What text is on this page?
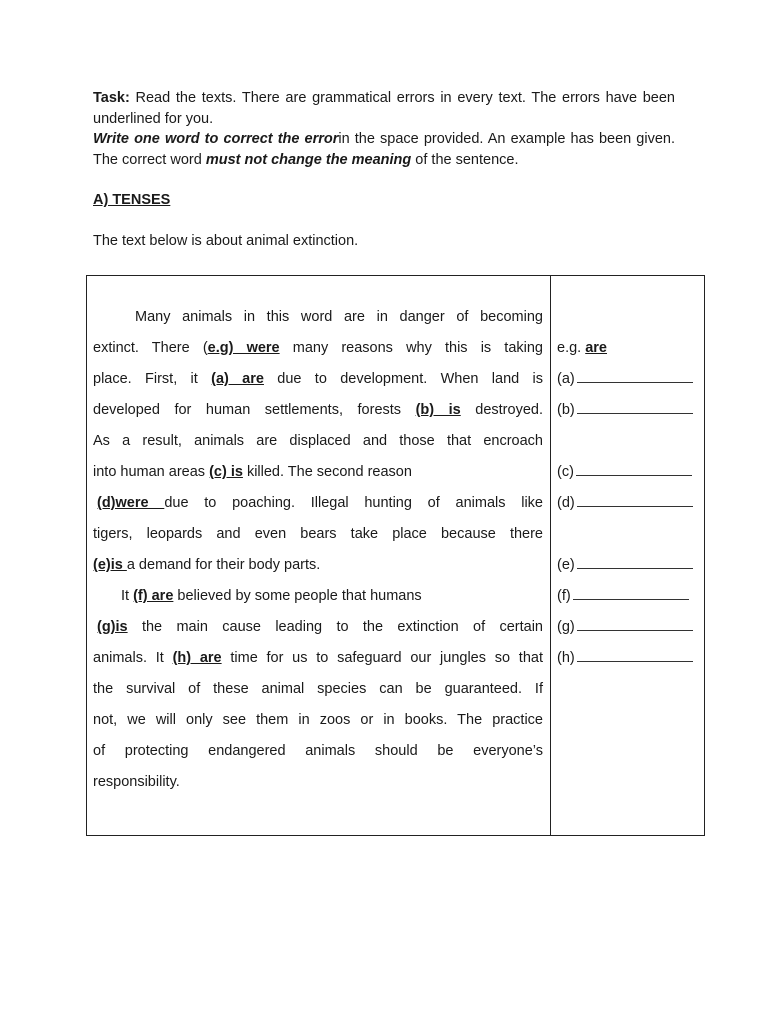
Task: Read the texts. There are grammatical errors in every text. The errors have been underlined for you.

Write one word to correct the errorin the space provided. An example has been given. The correct word must not change the meaning of the sentence.

A) TENSES
The text below is about animal extinction.
Many animals in this word are in danger of becoming
extinct. There (e.g) were many reasons why this is taking
place. First, it (a) are due to development. When land is
developed for human settlements, forests (b) is destroyed.
As a result, animals are displaced and those that encroach
into human areas (c) is killed. The second reason
(d)were due to poaching. Illegal hunting of animals like
tigers, leopards and even bears take place because there
(e)is a demand for their body parts.
It (f) are believed by some people that humans
(g)is the main cause leading to the extinction of certain
animals. It (h) are time for us to safeguard our jungles so that
the survival of these animal species can be guaranteed. If
not, we will only see them in zoos or in books. The practice
of protecting endangered animals should be everyone’s
responsibility.
e.g. are
(a)
(b)
(c)
(d)
(e)
(f)
(g)
(h)
